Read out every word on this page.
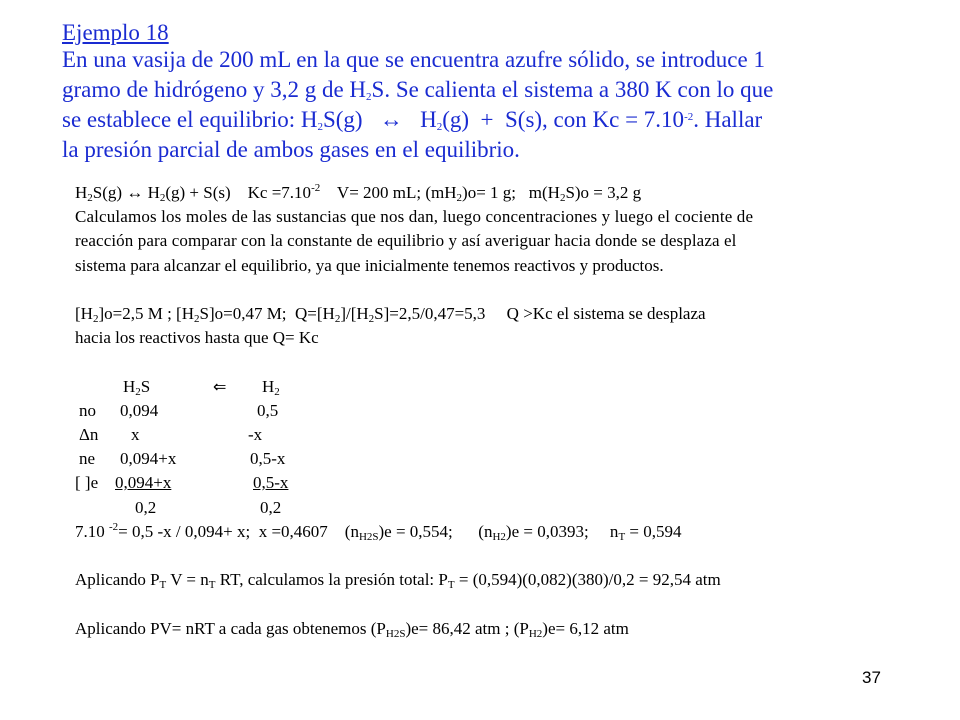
Ejemplo 18
En una vasija de 200 mL en la que se encuentra azufre sólido, se introduce 1
gramo de hidrógeno y 3,2 g de $H_2S$. Se calienta el sistema a 380 K con lo que
se establece el equilibrio: $H_2S(g)$   ↔   $H_2(g) + S(s)$, con $Kc = 7.10^{-2}$. Hallar
la presión parcial de ambos gases en el equilibrio.
$H_2S(g)$ ↔ $H_2(g) + S(s)$    $Kc =7.10^{-2}$    V= 200 mL; $(mH_2)o= 1$ g;   $m(H_2S)o = 3,2$ g
Calculamos los moles de las sustancias que nos dan, luego concentraciones y luego el cociente de
reacción para comparar con la constante de equilibrio y así averiguar hacia donde se desplaza el
sistema para alcanzar el equilibrio, ya que inicialmente tenemos reactivos y productos.
$[H_2]o=2,5$ M ; $[H_2S]o=0,47$ M;  $Q=[H_2]/[H_2S]=2,5/0,47=5,3$     Q >Kc el sistema se desplaza
hacia los reactivos hasta que Q= Kc
$H_2S$	⇐ $H_2$
no 0,094	0,5
Δn x	-x
ne 0,094+x	0,5-x
[ ]e 0,094+x	0,5-x
0,2	0,2
7.10 $^{-2}$= 0,5 -x / 0,094+ x;  x =0,4607    $(n_{H2S})e = 0,554$;      $(n_{H2})e = 0,0393$;     $n_T = 0,594$
Aplicando $P_T$ $V = n_T$ RT, calculamos la presión total: $P_T = (0,594)(0,082)(380)/0,2 = 92,54$ atm
Aplicando PV= nRT a cada gas obtenemos $(P_{H2S})e= 86,42$ atm ; $(P_{H2})e= 6,12$ atm
37
